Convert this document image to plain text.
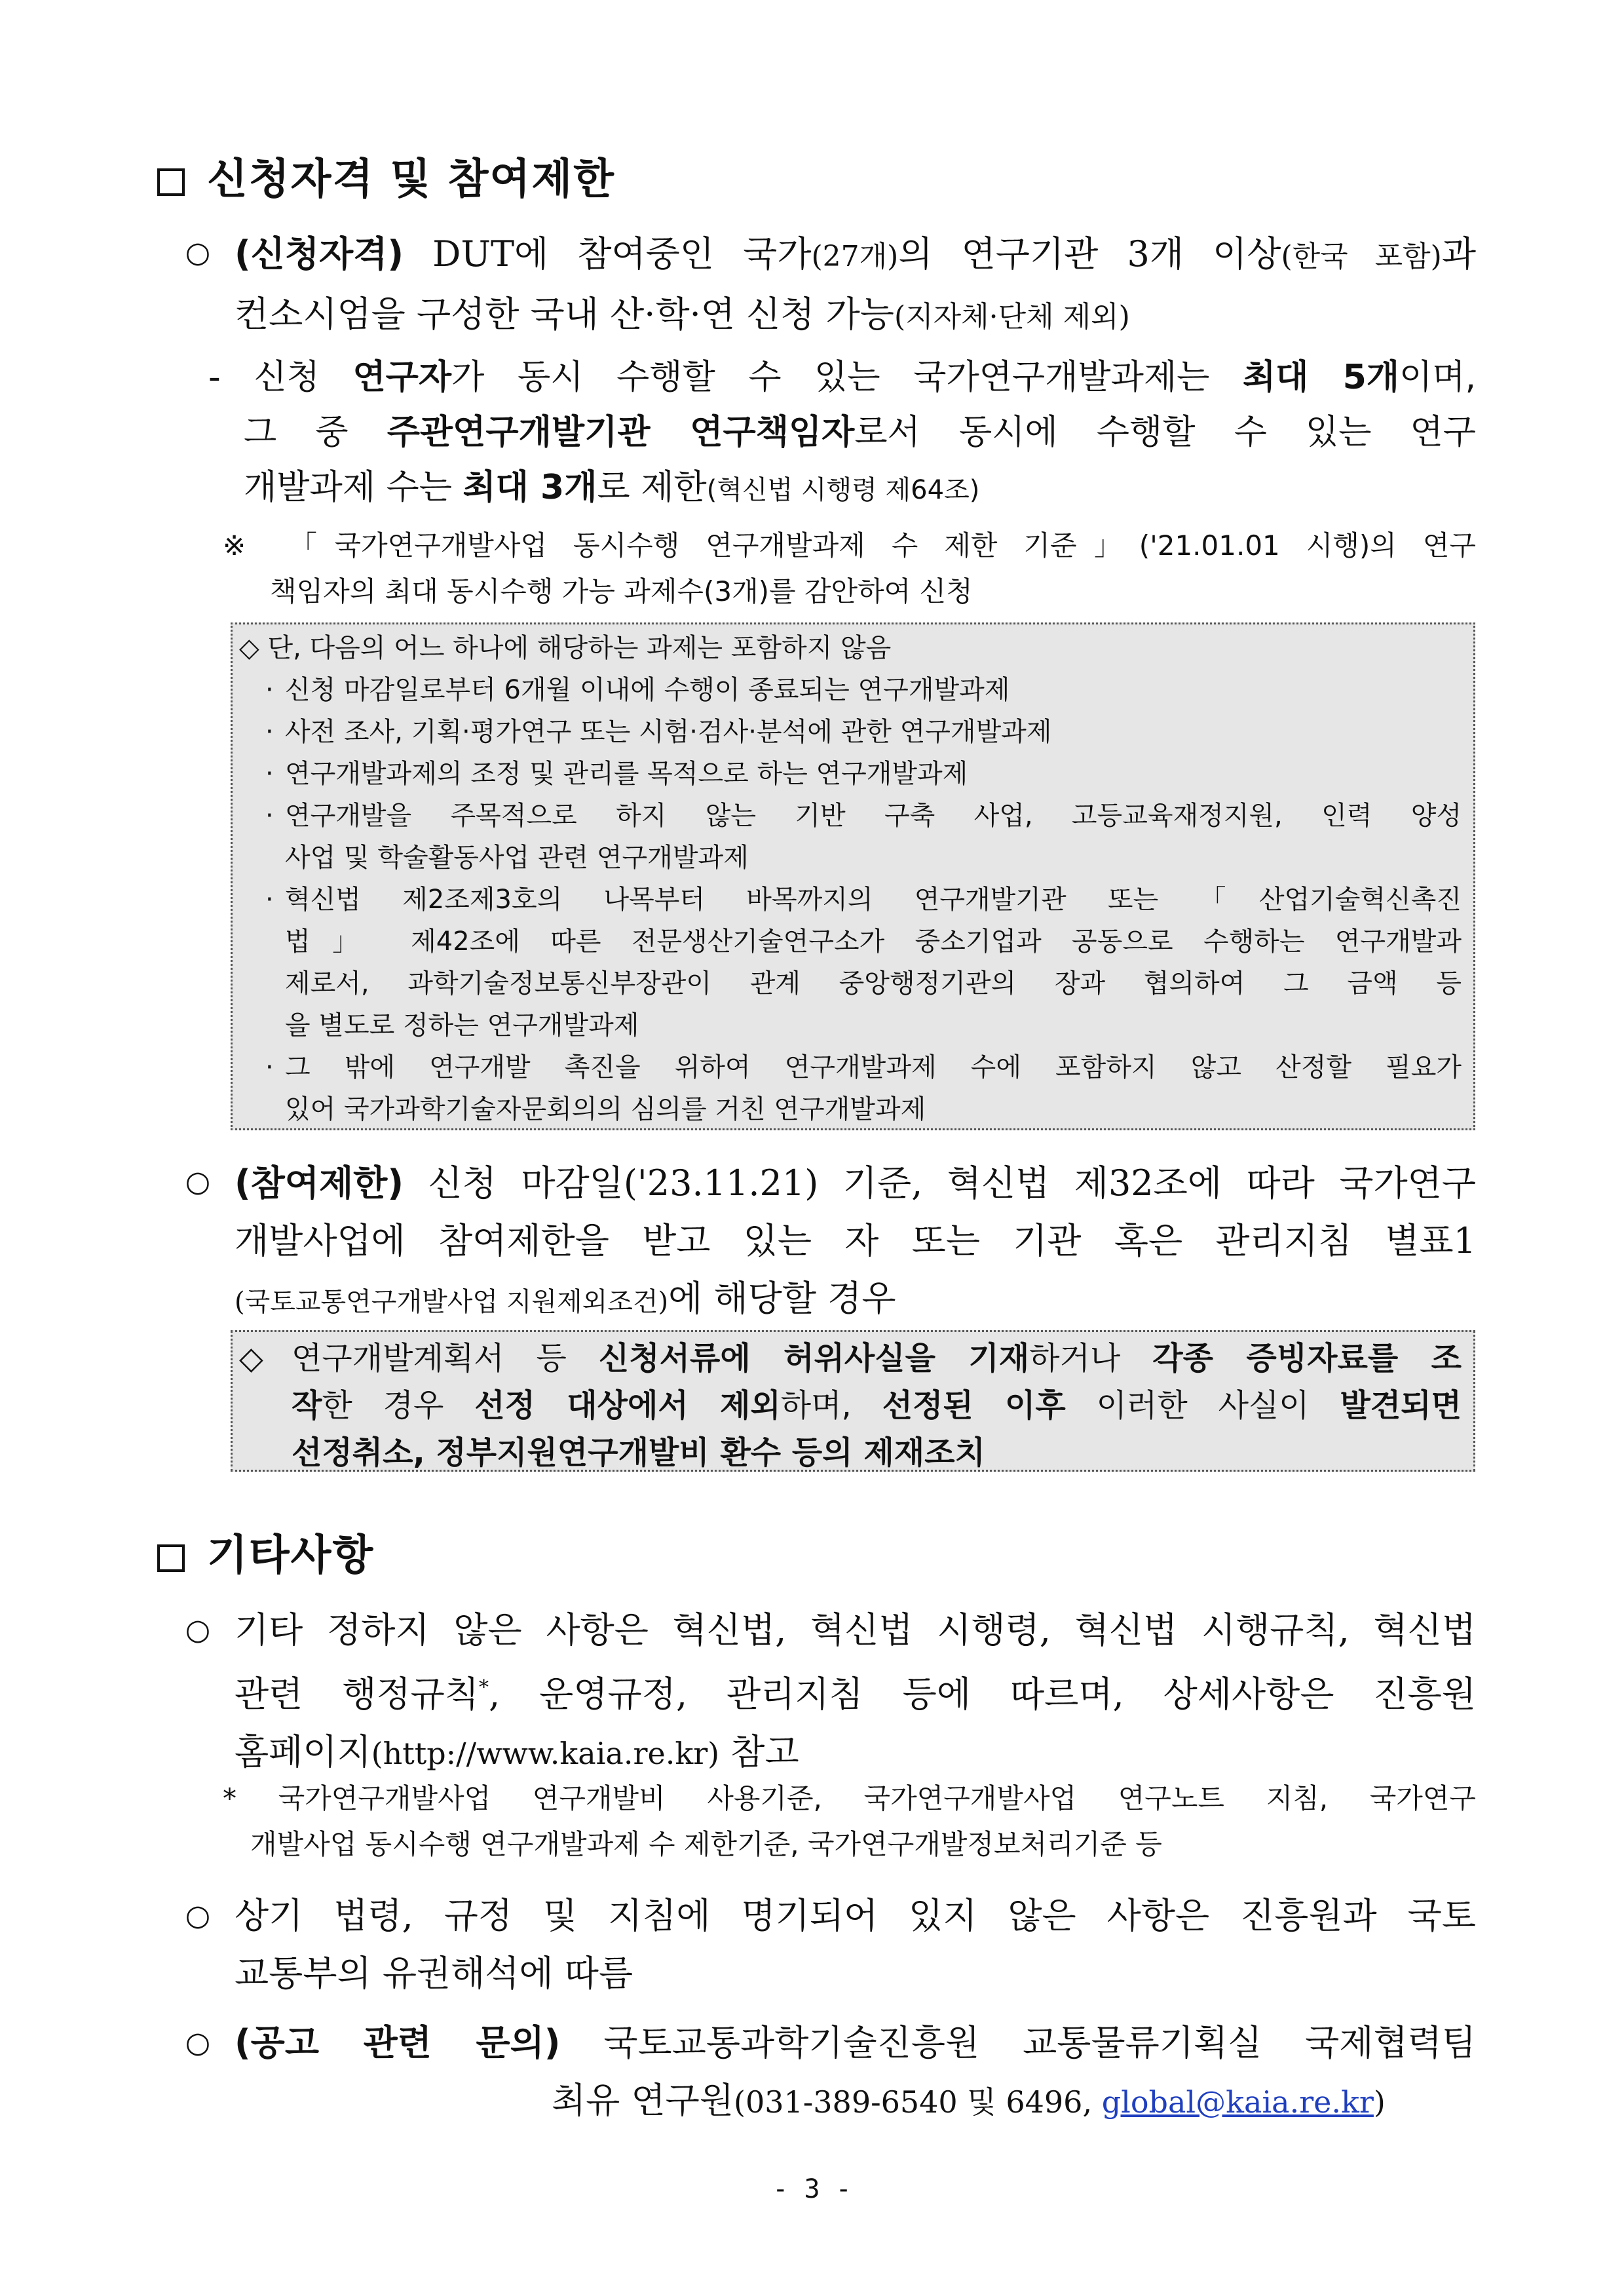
신청자격 및 참여제한
○ (신청자격) DUT에 참여중인 국가(27개)의 연구기관 3개 이상(한국 포함)과
컨소시엄을 구성한 국내 산·학·연 신청 가능(지자체·단체 제외)
- 신청 연구자가 동시 수행할 수 있는 국가연구개발과제는 최대 5개이며,
그 중 주관연구개발기관 연구책임자로서 동시에 수행할 수 있는 연구
개발과제 수는 최대 3개로 제한(혁신법 시행령 제64조)
※ 「국가연구개발사업 동시수행 연구개발과제 수 제한 기준」('21.01.01 시행)의 연구
책임자의 최대 동시수행 가능 과제수(3개)를 감안하여 신청
◇ 단, 다음의 어느 하나에 해당하는 과제는 포함하지 않음
· 신청 마감일로부터 6개월 이내에 수행이 종료되는 연구개발과제
· 사전 조사, 기획·평가연구 또는 시험·검사·분석에 관한 연구개발과제
· 연구개발과제의 조정 및 관리를 목적으로 하는 연구개발과제
· 연구개발을 주목적으로 하지 않는 기반 구축 사업, 고등교육재정지원, 인력 양성
사업 및 학술활동사업 관련 연구개발과제
· 혁신법 제2조제3호의 나목부터 바목까지의 연구개발기관 또는 「산업기술혁신촉진
법」 제42조에 따른 전문생산기술연구소가 중소기업과 공동으로 수행하는 연구개발과
제로서, 과학기술정보통신부장관이 관계 중앙행정기관의 장과 협의하여 그 금액 등
을 별도로 정하는 연구개발과제
· 그 밖에 연구개발 촉진을 위하여 연구개발과제 수에 포함하지 않고 산정할 필요가
있어 국가과학기술자문회의의 심의를 거친 연구개발과제
○ (참여제한) 신청 마감일('23.11.21) 기준, 혁신법 제32조에 따라 국가연구
개발사업에 참여제한을 받고 있는 자 또는 기관 혹은 관리지침 별표1
(국토교통연구개발사업 지원제외조건)에 해당할 경우
◇ 연구개발계획서 등 신청서류에 허위사실을 기재하거나 각종 증빙자료를 조
작한 경우 선정 대상에서 제외하며, 선정된 이후 이러한 사실이 발견되면
선정취소, 정부지원연구개발비 환수 등의 제재조치
기타사항
○ 기타 정하지 않은 사항은 혁신법, 혁신법 시행령, 혁신법 시행규칙, 혁신법
관련 행정규칙*, 운영규정, 관리지침 등에 따르며, 상세사항은 진흥원
홈페이지(http://www.kaia.re.kr) 참고
* 국가연구개발사업 연구개발비 사용기준, 국가연구개발사업 연구노트 지침, 국가연구
개발사업 동시수행 연구개발과제 수 제한기준, 국가연구개발정보처리기준 등
○ 상기 법령, 규정 및 지침에 명기되어 있지 않은 사항은 진흥원과 국토
교통부의 유권해석에 따름
○ (공고 관련 문의) 국토교통과학기술진흥원 교통물류기획실 국제협력팀
최유 연구원(031-389-6540 및 6496, global@kaia.re.kr)
- 3 -
